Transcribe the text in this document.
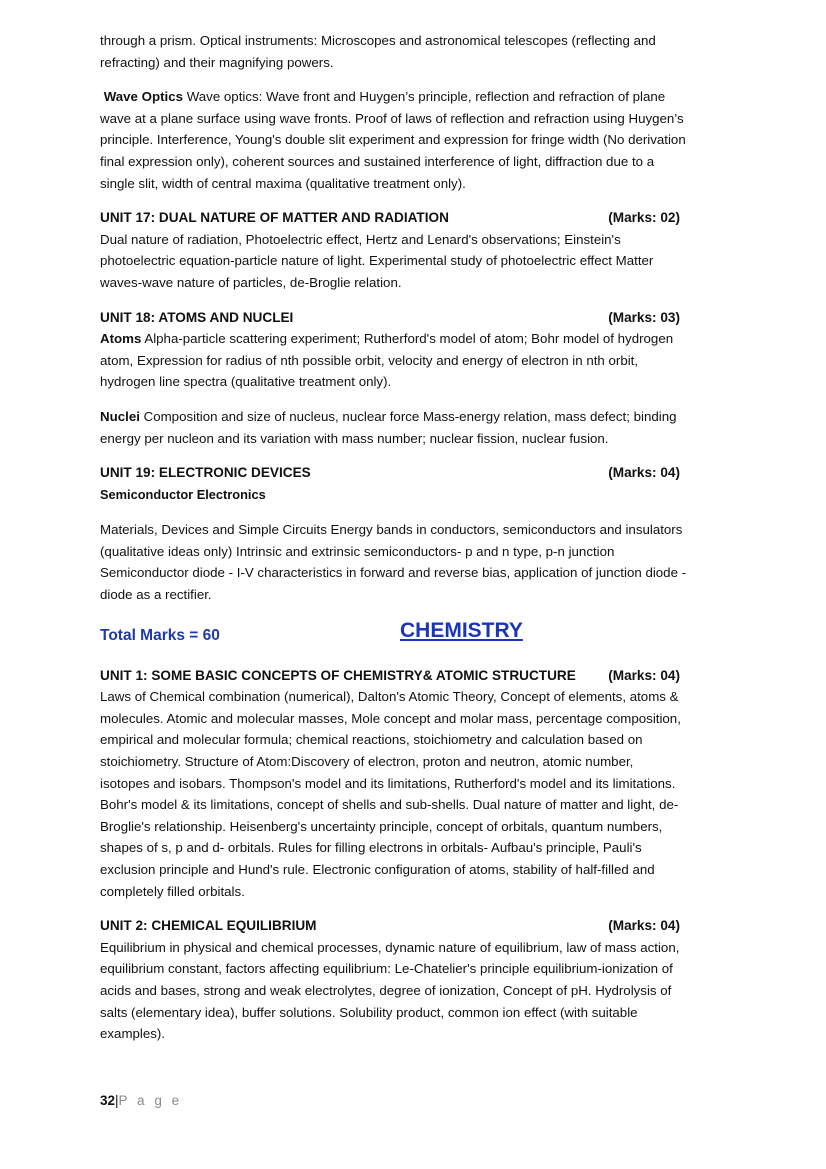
through a prism. Optical instruments: Microscopes and astronomical telescopes (reflecting and

refracting) and their magnifying powers.

Wave Optics Wave optics: Wave front and Huygen’s principle, reflection and refraction of plane

wave at a plane surface using wave fronts. Proof of laws of reflection and refraction using Huygen’s

principle. Interference, Young's double slit experiment and expression for fringe width (No derivation

final expression only), coherent sources and sustained interference of light, diffraction due to a

single slit, width of central maxima (qualitative treatment only).

UNIT 17: DUAL NATURE OF MATTER AND RADIATION	(Marks: 02)

Dual nature of radiation, Photoelectric effect, Hertz and Lenard's observations; Einstein's

photoelectric equation-particle nature of light. Experimental study of photoelectric effect Matter

waves-wave nature of particles, de-Broglie relation.

UNIT 18: ATOMS AND NUCLEI	(Marks: 03)

Atoms Alpha-particle scattering experiment; Rutherford's model of atom; Bohr model of hydrogen

atom, Expression for radius of nth possible orbit, velocity and energy of electron in nth orbit,

hydrogen line spectra (qualitative treatment only).

Nuclei Composition and size of nucleus, nuclear force Mass-energy relation, mass defect; binding

energy per nucleon and its variation with mass number; nuclear fission, nuclear fusion.

UNIT 19: ELECTRONIC DEVICES	(Marks: 04)
Semiconductor Electronics

Materials, Devices and Simple Circuits Energy bands in conductors, semiconductors and insulators

(qualitative ideas only) Intrinsic and extrinsic semiconductors- p and n type, p-n junction

Semiconductor diode - I-V characteristics in forward and reverse bias, application of junction diode -

diode as a rectifier.

Total Marks = 60	CHEMISTRY
UNIT 1: SOME BASIC CONCEPTS OF CHEMISTRY& ATOMIC STRUCTURE (Marks: 04)

Laws of Chemical combination (numerical), Dalton's Atomic Theory, Concept of elements, atoms &

molecules. Atomic and molecular masses, Mole concept and molar mass, percentage composition,

empirical and molecular formula; chemical reactions, stoichiometry and calculation based on

stoichiometry. Structure of Atom:Discovery of electron, proton and neutron, atomic number,

isotopes and isobars. Thompson's model and its limitations, Rutherford's model and its limitations.

Bohr's model & its limitations, concept of shells and sub-shells. Dual nature of matter and light, de-

Broglie's relationship. Heisenberg's uncertainty principle, concept of orbitals, quantum numbers,

shapes of s, p and d- orbitals. Rules for filling electrons in orbitals- Aufbau's principle, Pauli's

exclusion principle and Hund's rule. Electronic configuration of atoms, stability of half-filled and

completely filled orbitals.

UNIT 2: CHEMICAL EQUILIBRIUM	(Marks: 04)

Equilibrium in physical and chemical processes, dynamic nature of equilibrium, law of mass action,

equilibrium constant, factors affecting equilibrium: Le-Chatelier's principle equilibrium-ionization of

acids and bases, strong and weak electrolytes, degree of ionization, Concept of pH. Hydrolysis of

salts (elementary idea), buffer solutions. Solubility product, common ion effect (with suitable

examples).

32|P a g e
